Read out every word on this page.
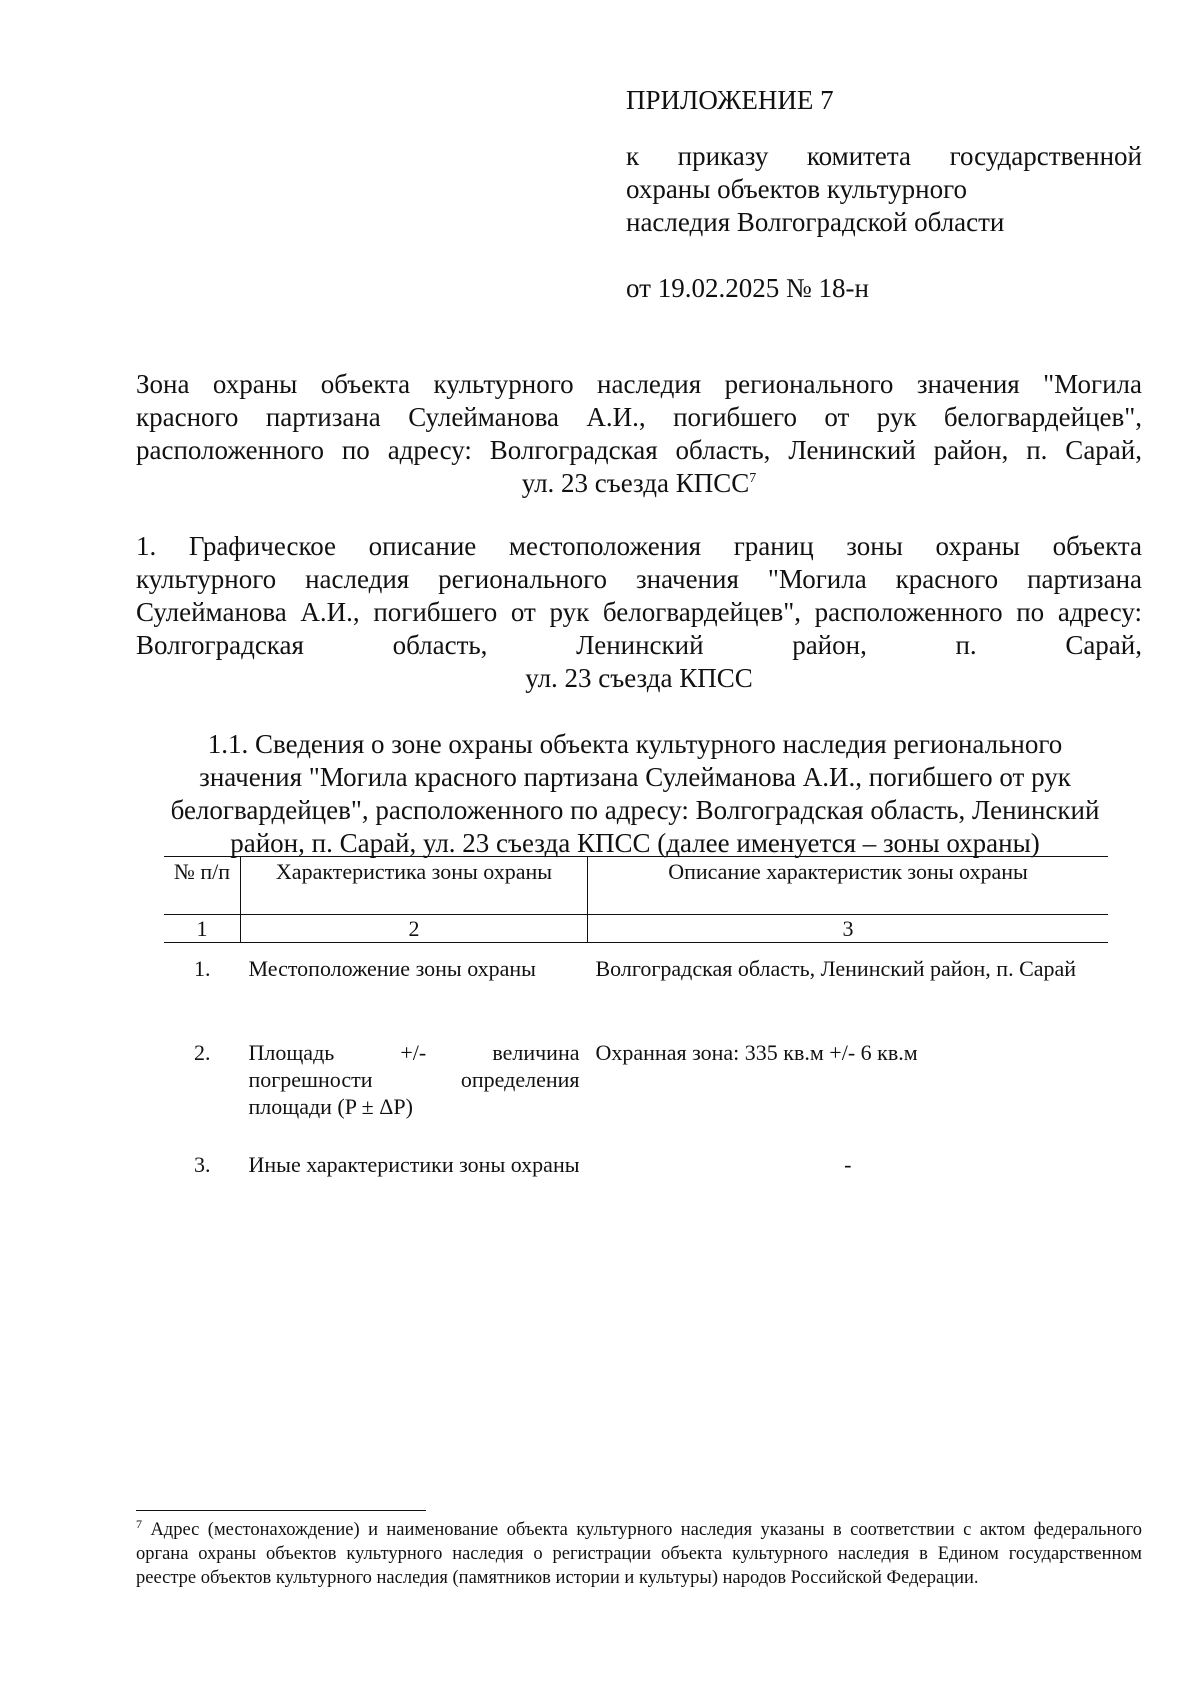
ПРИЛОЖЕНИЕ 7
к приказу комитета государственной
охраны объектов культурного
наследия Волгоградской области
от 19.02.2025 № 18-н
Зона охраны объекта культурного наследия регионального значения "Могила
красного партизана Сулейманова А.И., погибшего от рук белогвардейцев",
расположенного по адресу: Волгоградская область, Ленинский район, п. Сарай,
ул. 23 съезда КПСС$^7$
1. Графическое описание местоположения границ зоны охраны объекта
культурного наследия регионального значения "Могила красного партизана
Сулейманова А.И., погибшего от рук белогвардейцев", расположенного по адресу:
Волгоградская область, Ленинский район, п. Сарай,
ул. 23 съезда КПСС
1.1. Сведения о зоне охраны объекта культурного наследия регионального
значения "Могила красного партизана Сулейманова А.И., погибшего от рук
белогвардейцев", расположенного по адресу: Волгоградская область, Ленинский
район, п. Сарай, ул. 23 съезда КПСС (далее именуется – зоны охраны)
№ п/п	Характеристика зоны охраны	Описание характеристик зоны охраны
1	2	3
1.	Местоположение зоны охраны	Волгоградская область, Ленинский район, п. Сарай
2.	Площадь +/- величина погрешности определения площади (P ± ΔP)	Охранная зона: 335 кв.м +/- 6 кв.м
3.	Иные характеристики зоны охраны	-
$^7$ Адрес (местонахождение) и наименование объекта культурного наследия указаны в соответствии с актом федерального органа охраны объектов культурного наследия о регистрации объекта культурного наследия в Едином государственном реестре объектов культурного наследия (памятников истории и культуры) народов Российской Федерации.
